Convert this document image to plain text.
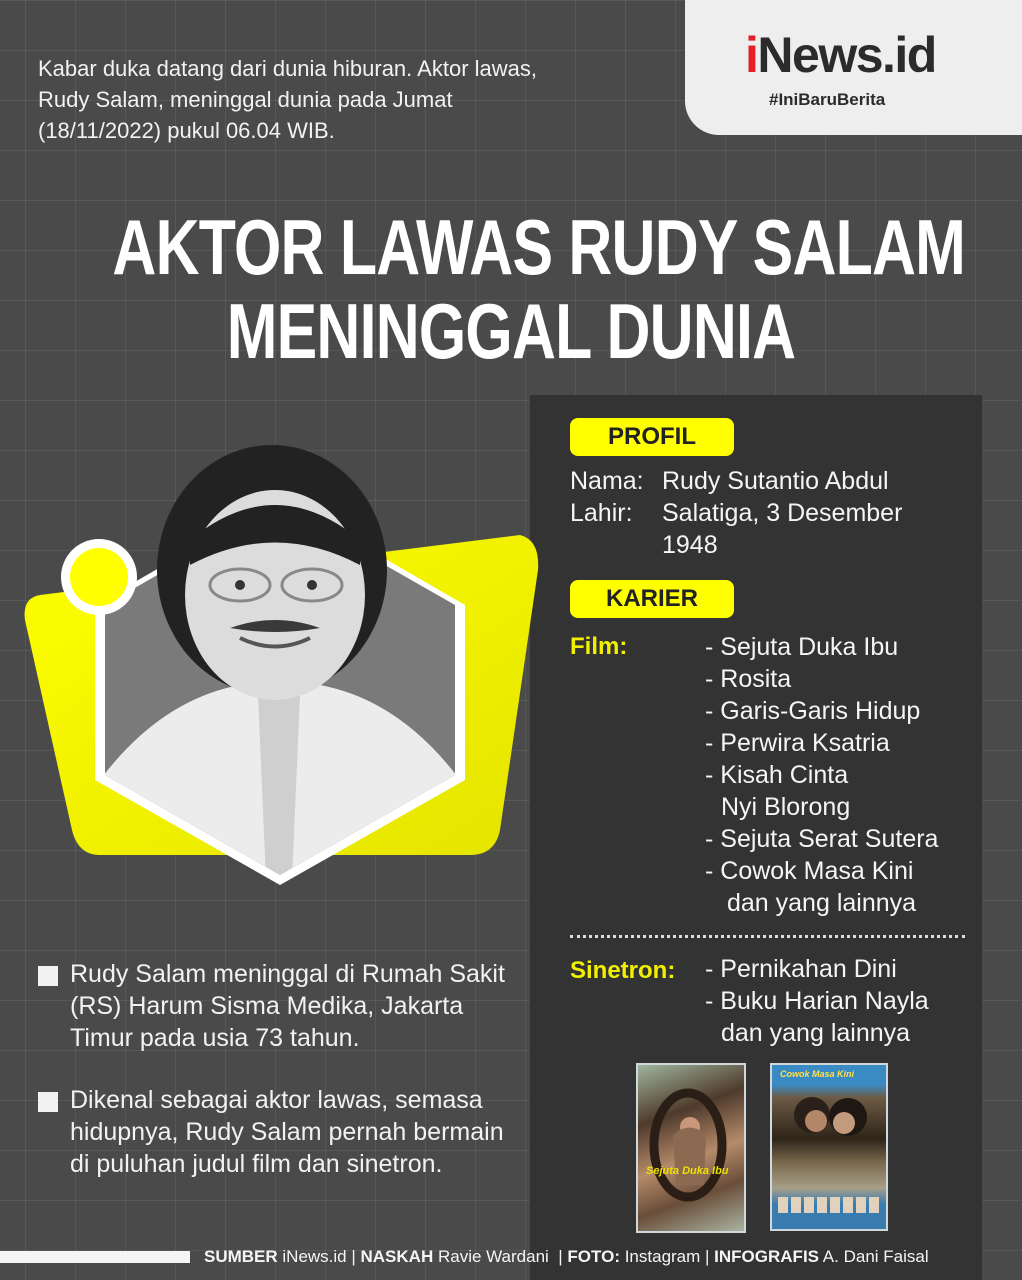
iNews.id
#IniBaruBerita
Kabar duka datang dari dunia hiburan. Aktor lawas, Rudy Salam, meninggal dunia pada Jumat (18/11/2022) pukul 06.04 WIB.
AKTOR LAWAS RUDY SALAM
MENINGGAL DUNIA
PROFIL
Nama: Rudy Sutantio Abdul
Lahir: Salatiga, 3 Desember 1948
KARIER
Film:	- Sejuta Duka Ibu
- Rosita
- Garis-Garis Hidup
- Perwira Ksatria
- Kisah Cinta
Nyi Blorong
- Sejuta Serat Sutera
- Cowok Masa Kini
dan yang lainnya
Sinetron: - Pernikahan Dini
- Buku Harian Nayla
dan yang lainnya
Sejuta Duka Ibu
Cowok Masa Kini
Rudy Salam meninggal di Rumah Sakit (RS) Harum Sisma Medika, Jakarta Timur pada usia 73 tahun.
Dikenal sebagai aktor lawas, semasa hidupnya, Rudy Salam pernah bermain di puluhan judul film dan sinetron.
SUMBER iNews.id | NASKAH Ravie Wardani  | FOTO: Instagram | INFOGRAFIS A. Dani Faisal
